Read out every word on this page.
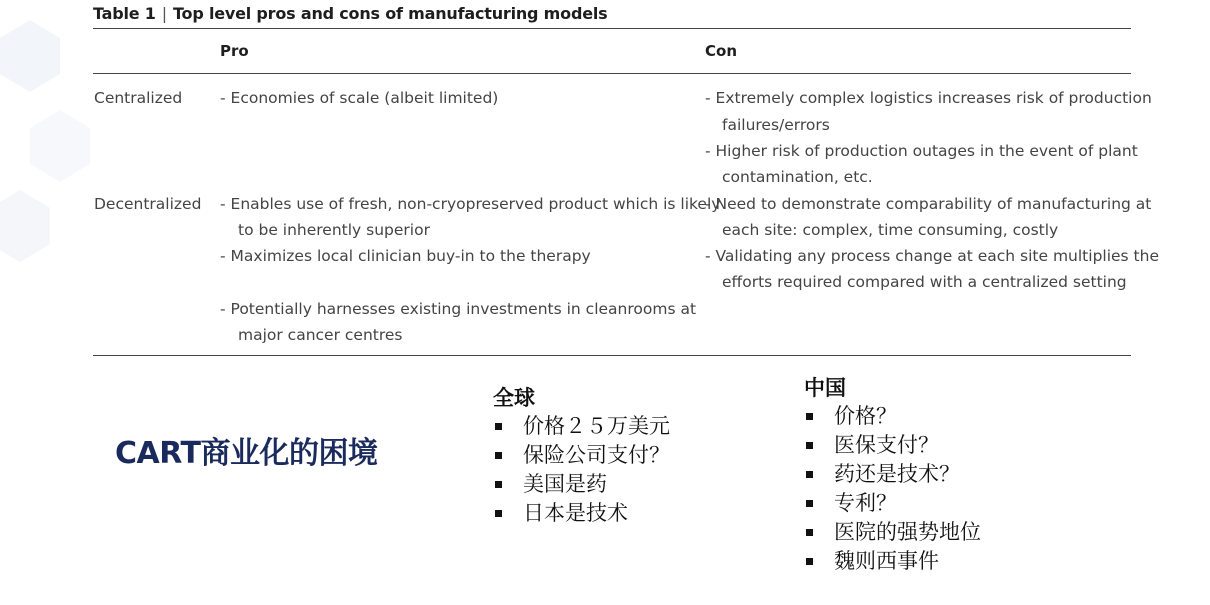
Table 1 | Top level pros and cons of manufacturing models
Pro	Con
Centralized - Economies of scale (albeit limited)	- Extremely complex logistics increases risk of production
failures/errors
- Higher risk of production outages in the event of plant
contamination, etc.
Decentralized - Enables use of fresh, non-cryopreserved product which is likely
to be inherently superior
- Maximizes local clinician buy-in to the therapy
- Potentially harnesses existing investments in cleanrooms at
major cancer centres
- Need to demonstrate comparability of manufacturing at
each site: complex, time consuming, costly
- Validating any process change at each site multiplies the
efforts required compared with a centralized setting
CART商业化的困境
全球
价格２５万美元
保险公司支付？
美国是药
日本是技术
中国
价格？
医保支付？
药还是技术？
专利？
医院的强势地位
魏则西事件
